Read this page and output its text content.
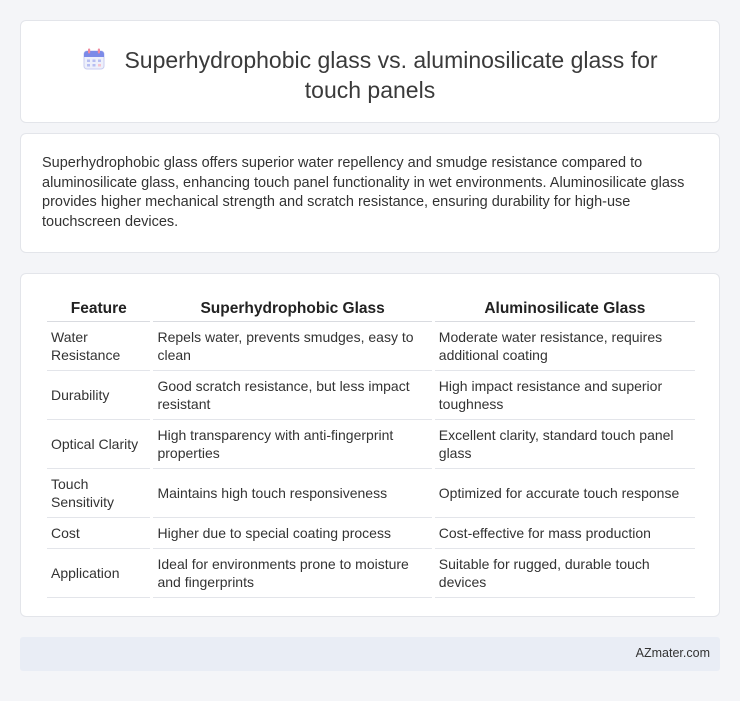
Superhydrophobic glass vs. aluminosilicate glass for touch panels

Superhydrophobic glass offers superior water repellency and smudge resistance compared to aluminosilicate glass, enhancing touch panel functionality in wet environments. Aluminosilicate glass provides higher mechanical strength and scratch resistance, ensuring durability for high-use touchscreen devices.

Feature	Superhydrophobic Glass	Aluminosilicate Glass
Water Resistance	Repels water, prevents smudges, easy to clean	Moderate water resistance, requires additional coating
Durability	Good scratch resistance, but less impact resistant	High impact resistance and superior toughness
Optical Clarity	High transparency with anti-fingerprint properties	Excellent clarity, standard touch panel glass
Touch Sensitivity	Maintains high touch responsiveness	Optimized for accurate touch response
Cost	Higher due to special coating process	Cost-effective for mass production
Application	Ideal for environments prone to moisture and fingerprints	Suitable for rugged, durable touch devices
AZmater.com
